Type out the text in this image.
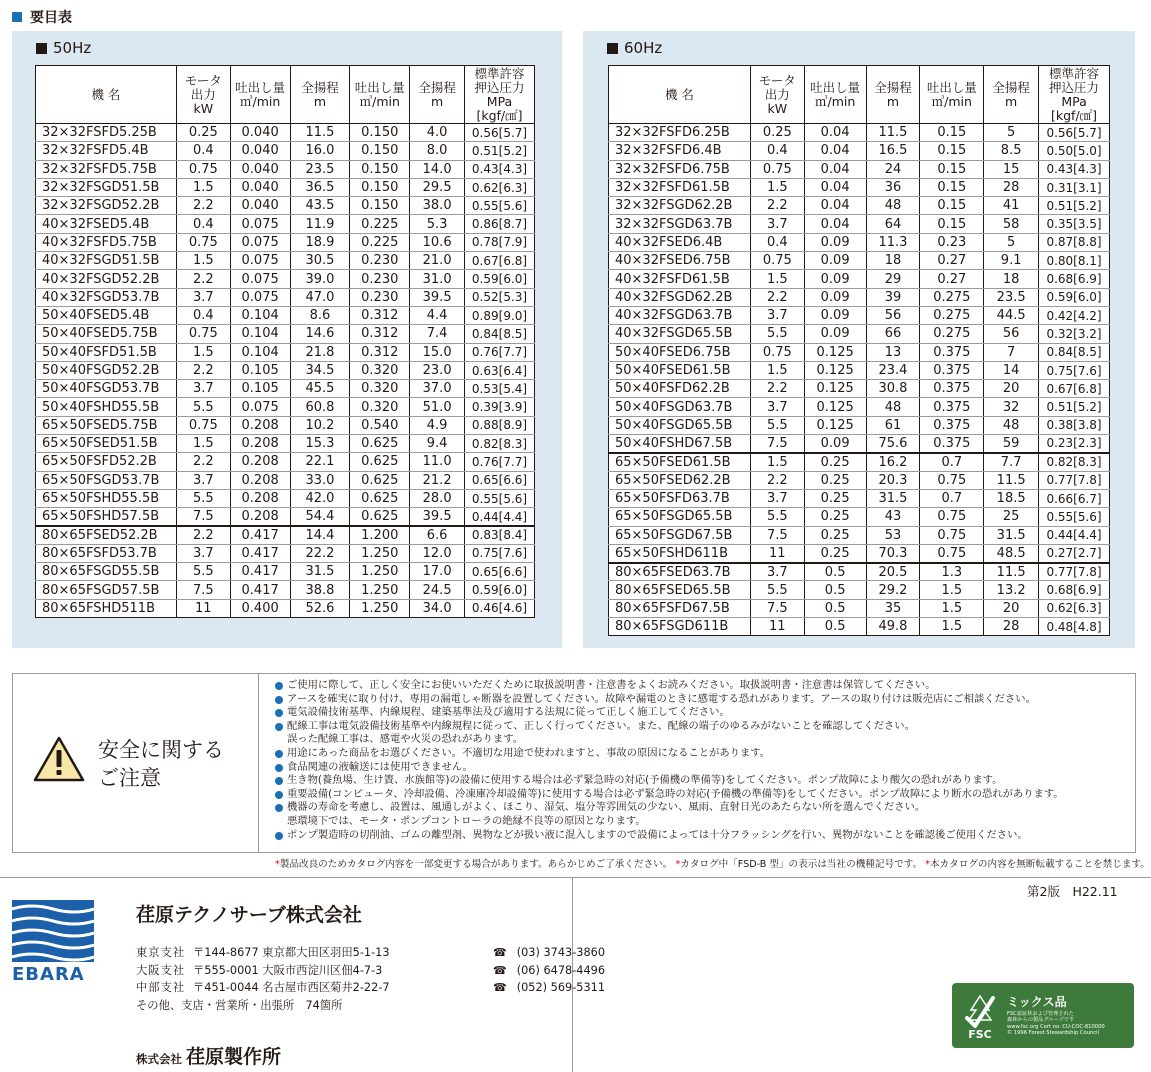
要目表
50Hz
機 名	モータ
出力
kW	吐出し量
㎥/min	全揚程
m	吐出し量
㎥/min	全揚程
m	標準許容
押込圧力
MPa
[kgf/㎠]
32×32FSFD5.25B	0.25	0.040	11.5	0.150	4.0	0.56[5.7]
32×32FSFD5.4B	0.4	0.040	16.0	0.150	8.0	0.51[5.2]
32×32FSFD5.75B	0.75	0.040	23.5	0.150	14.0	0.43[4.3]
32×32FSGD51.5B	1.5	0.040	36.5	0.150	29.5	0.62[6.3]
32×32FSGD52.2B	2.2	0.040	43.5	0.150	38.0	0.55[5.6]
40×32FSED5.4B	0.4	0.075	11.9	0.225	5.3	0.86[8.7]
40×32FSFD5.75B	0.75	0.075	18.9	0.225	10.6	0.78[7.9]
40×32FSGD51.5B	1.5	0.075	30.5	0.230	21.0	0.67[6.8]
40×32FSGD52.2B	2.2	0.075	39.0	0.230	31.0	0.59[6.0]
40×32FSGD53.7B	3.7	0.075	47.0	0.230	39.5	0.52[5.3]
50×40FSED5.4B	0.4	0.104	8.6	0.312	4.4	0.89[9.0]
50×40FSED5.75B	0.75	0.104	14.6	0.312	7.4	0.84[8.5]
50×40FSFD51.5B	1.5	0.104	21.8	0.312	15.0	0.76[7.7]
50×40FSGD52.2B	2.2	0.105	34.5	0.320	23.0	0.63[6.4]
50×40FSGD53.7B	3.7	0.105	45.5	0.320	37.0	0.53[5.4]
50×40FSHD55.5B	5.5	0.075	60.8	0.320	51.0	0.39[3.9]
65×50FSED5.75B	0.75	0.208	10.2	0.540	4.9	0.88[8.9]
65×50FSED51.5B	1.5	0.208	15.3	0.625	9.4	0.82[8.3]
65×50FSFD52.2B	2.2	0.208	22.1	0.625	11.0	0.76[7.7]
65×50FSGD53.7B	3.7	0.208	33.0	0.625	21.2	0.65[6.6]
65×50FSHD55.5B	5.5	0.208	42.0	0.625	28.0	0.55[5.6]
65×50FSHD57.5B	7.5	0.208	54.4	0.625	39.5	0.44[4.4]
80×65FSED52.2B	2.2	0.417	14.4	1.200	6.6	0.83[8.4]
80×65FSFD53.7B	3.7	0.417	22.2	1.250	12.0	0.75[7.6]
80×65FSGD55.5B	5.5	0.417	31.5	1.250	17.0	0.65[6.6]
80×65FSGD57.5B	7.5	0.417	38.8	1.250	24.5	0.59[6.0]
80×65FSHD511B	11	0.400	52.6	1.250	34.0	0.46[4.6]
60Hz
機 名	モータ
出力
kW	吐出し量
㎥/min	全揚程
m	吐出し量
㎥/min	全揚程
m	標準許容
押込圧力
MPa
[kgf/㎠]
32×32FSFD6.25B	0.25	0.04	11.5	0.15	5	0.56[5.7]
32×32FSFD6.4B	0.4	0.04	16.5	0.15	8.5	0.50[5.0]
32×32FSFD6.75B	0.75	0.04	24	0.15	15	0.43[4.3]
32×32FSFD61.5B	1.5	0.04	36	0.15	28	0.31[3.1]
32×32FSGD62.2B	2.2	0.04	48	0.15	41	0.51[5.2]
32×32FSGD63.7B	3.7	0.04	64	0.15	58	0.35[3.5]
40×32FSED6.4B	0.4	0.09	11.3	0.23	5	0.87[8.8]
40×32FSED6.75B	0.75	0.09	18	0.27	9.1	0.80[8.1]
40×32FSFD61.5B	1.5	0.09	29	0.27	18	0.68[6.9]
40×32FSGD62.2B	2.2	0.09	39	0.275	23.5	0.59[6.0]
40×32FSGD63.7B	3.7	0.09	56	0.275	44.5	0.42[4.2]
40×32FSGD65.5B	5.5	0.09	66	0.275	56	0.32[3.2]
50×40FSED6.75B	0.75	0.125	13	0.375	7	0.84[8.5]
50×40FSED61.5B	1.5	0.125	23.4	0.375	14	0.75[7.6]
50×40FSFD62.2B	2.2	0.125	30.8	0.375	20	0.67[6.8]
50×40FSGD63.7B	3.7	0.125	48	0.375	32	0.51[5.2]
50×40FSGD65.5B	5.5	0.125	61	0.375	48	0.38[3.8]
50×40FSHD67.5B	7.5	0.09	75.6	0.375	59	0.23[2.3]
65×50FSED61.5B	1.5	0.25	16.2	0.7	7.7	0.82[8.3]
65×50FSED62.2B	2.2	0.25	20.3	0.75	11.5	0.77[7.8]
65×50FSFD63.7B	3.7	0.25	31.5	0.7	18.5	0.66[6.7]
65×50FSGD65.5B	5.5	0.25	43	0.75	25	0.55[5.6]
65×50FSGD67.5B	7.5	0.25	53	0.75	31.5	0.44[4.4]
65×50FSHD611B	11	0.25	70.3	0.75	48.5	0.27[2.7]
80×65FSED63.7B	3.7	0.5	20.5	1.3	11.5	0.77[7.8]
80×65FSED65.5B	5.5	0.5	29.2	1.5	13.2	0.68[6.9]
80×65FSFD67.5B	7.5	0.5	35	1.5	20	0.62[6.3]
80×65FSGD611B	11	0.5	49.8	1.5	28	0.48[4.8]
安全に関する
ご注意
ご使用に際して、正しく安全にお使いいただくために取扱説明書・注意書をよくお読みください。取扱説明書・注意書は保管してください。
アースを確実に取り付け、専用の漏電しゃ断器を設置してください。故障や漏電のときに感電する恐れがあります。アースの取り付けは販売店にご相談ください。
電気設備技術基準、内線規程、建築基準法及び適用する法規に従って正しく施工してください。
配線工事は電気設備技術基準や内線規程に従って、正しく行ってください。また、配線の端子のゆるみがないことを確認してください。
誤った配線工事は、感電や火災の恐れがあります。
用途にあった商品をお選びください。不適切な用途で使われますと、事故の原因になることがあります。
食品関連の液輸送には使用できません。
生き物(養魚場、生け簀、水族館等)の設備に使用する場合は必ず緊急時の対応(予備機の準備等)をしてください。ポンプ故障により酸欠の恐れがあります。
重要設備(コンピュータ、冷却設備、冷凍庫冷却設備等)に使用する場合は必ず緊急時の対応(予備機の準備等)をしてください。ポンプ故障により断水の恐れがあります。
機器の寿命を考慮し、設置は、風通しがよく、ほこり、湿気、塩分等雰囲気の少ない、風雨、直射日光のあたらない所を選んでください。
悪環境下では、モータ・ポンプコントローラの絶縁不良等の原因となります。
ポンプ製造時の切削油、ゴムの離型剤、異物などが扱い液に混入しますので設備によっては十分フラッシングを行い、異物がないことを確認後ご使用ください。
*製品改良のためカタログ内容を一部変更する場合があります。あらかじめご了承ください。 *カタログ中「FSD-B 型」の表示は当社の機種記号です。 *本カタログの内容を無断転載することを禁じます。
第2版　H22.11
EBARA
荏原テクノサーブ株式会社
東京支社 〒144-8677 東京都大田区羽田5-1-13	☎ (03) 3743-3860
大阪支社 〒555-0001 大阪市西淀川区佃4-7-3	☎ (06) 6478-4496
中部支社 〒451-0044 名古屋市西区菊井2-22-7	☎ (052) 569-5311
その他、支店・営業所・出張所　74箇所
株式会社 荏原製作所
FSC
ミックス品
FSC認証林および管理された
森林からの製品グループです
www.fsc.org Cert no. CU-COC-810000
© 1996 Forest Stewardship Council
